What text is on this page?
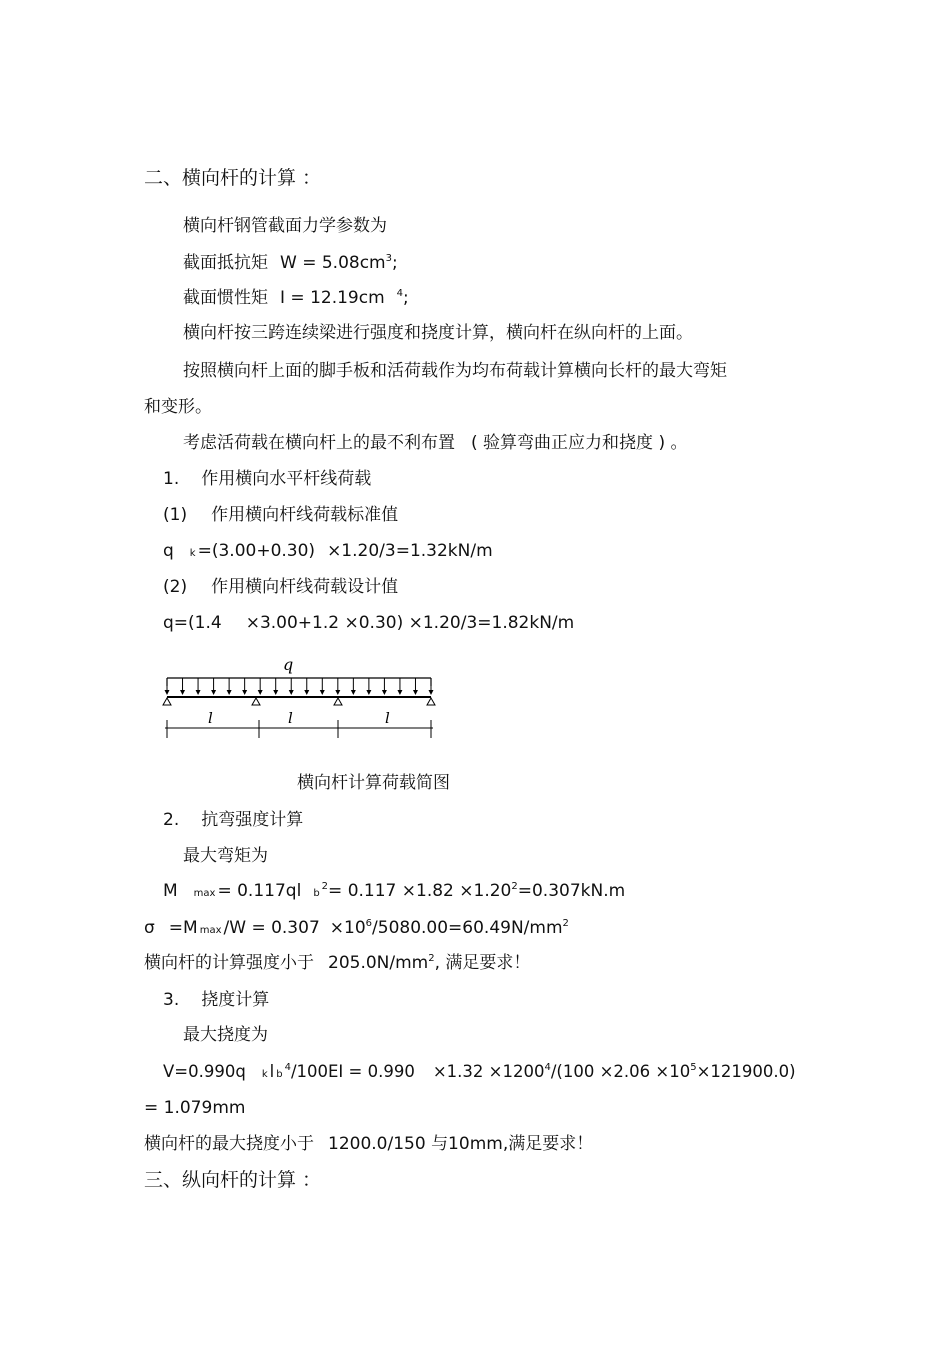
二、横向杆的计算 ：
横向杆钢管截面力学参数为
截面抵抗矩 $W = 5.08cm^3$;
截面惯性矩 I = 12.19cm $^4$;
横向杆按三跨连续梁进行强度和挠度计算，横向杆在纵向杆的上面。
按照横向杆上面的脚手板和活荷载作为均布荷载计算横向长杆的最大弯矩
和变形。
考虑活荷载在横向杆上的最不利布置 ( 验算弯曲正应力和挠度 ) 。
1. 作用横向水平杆线荷载
(1) 作用横向杆线荷载标准值
q k =(3.00+0.30) ×1.20/3=1.32kN/m
(2) 作用横向杆线荷载设计值
q=(1.4 ×3.00+1.2 ×0.30) ×1.20/3=1.82kN/m
q
l	l	l
横向杆计算荷载简图
2. 抗弯强度计算
最大弯矩为
M max = 0.117ql $b^2= 0.117 \times 1.82 \times 1.20^2=0.307kN.m$
σ =M $\max /W = 0.307 \times 10^6/5080.00=60.49N/mm^2$
横向杆的计算强度小于 $205.0N/mm^2$, 满足要求！
3. 挠度计算
最大挠度为
V=0.990q k l $b^4/100EI = 0.990 \times 1.32 \times 1200^4/(100 \times 2.06 \times 10^5\times 121900.0)$
= 1.079mm
横向杆的最大挠度小于 1200.0/150 与10mm,满足要求！
三、纵向杆的计算 ：
